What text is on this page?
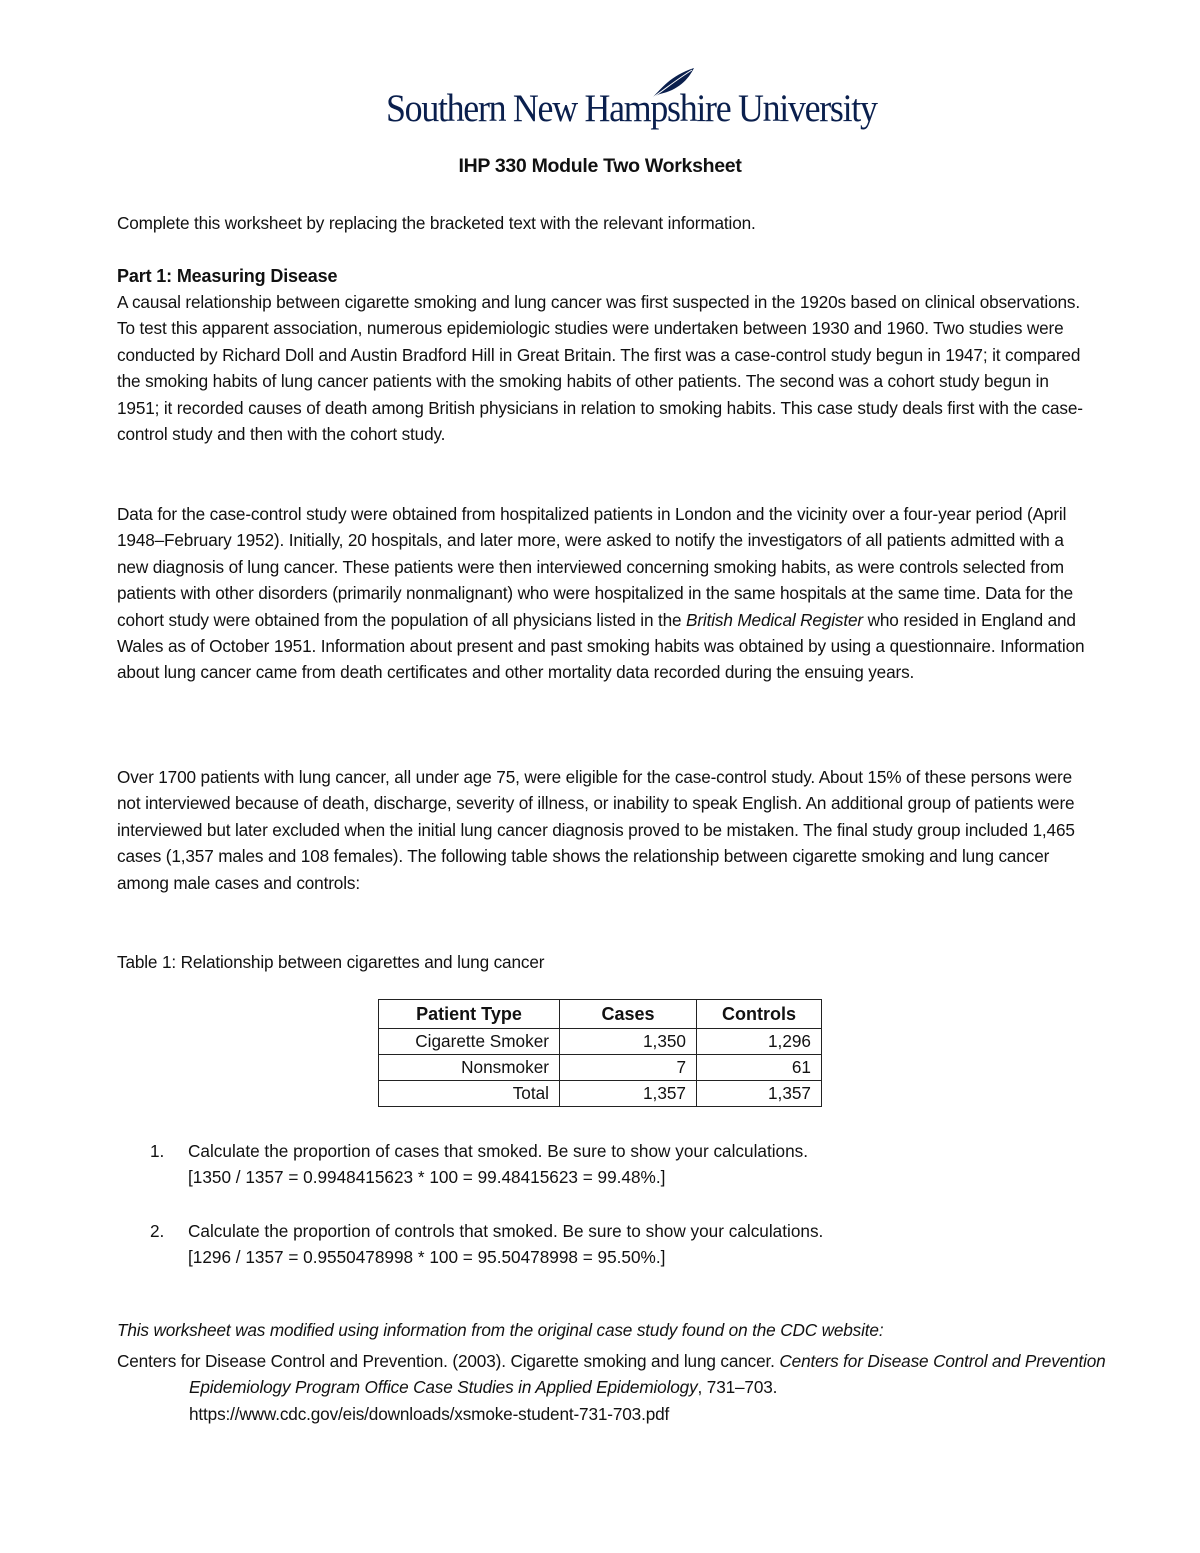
Southern New Hampshire University
IHP 330 Module Two Worksheet
Complete this worksheet by replacing the bracketed text with the relevant information.
Part 1: Measuring Disease
A causal relationship between cigarette smoking and lung cancer was first suspected in the 1920s based on clinical observations. To test this apparent association, numerous epidemiologic studies were undertaken between 1930 and 1960. Two studies were conducted by Richard Doll and Austin Bradford Hill in Great Britain. The first was a case-control study begun in 1947; it compared the smoking habits of lung cancer patients with the smoking habits of other patients. The second was a cohort study begun in 1951; it recorded causes of death among British physicians in relation to smoking habits. This case study deals first with the case-control study and then with the cohort study.
Data for the case-control study were obtained from hospitalized patients in London and the vicinity over a four-year period (April 1948–February 1952). Initially, 20 hospitals, and later more, were asked to notify the investigators of all patients admitted with a new diagnosis of lung cancer. These patients were then interviewed concerning smoking habits, as were controls selected from patients with other disorders (primarily nonmalignant) who were hospitalized in the same hospitals at the same time. Data for the cohort study were obtained from the population of all physicians listed in the British Medical Register who resided in England and Wales as of October 1951. Information about present and past smoking habits was obtained by using a questionnaire. Information about lung cancer came from death certificates and other mortality data recorded during the ensuing years.
Over 1700 patients with lung cancer, all under age 75, were eligible for the case-control study. About 15% of these persons were not interviewed because of death, discharge, severity of illness, or inability to speak English. An additional group of patients were interviewed but later excluded when the initial lung cancer diagnosis proved to be mistaken. The final study group included 1,465 cases (1,357 males and 108 females). The following table shows the relationship between cigarette smoking and lung cancer among male cases and controls:
Table 1: Relationship between cigarettes and lung cancer
Patient Type	Cases	Controls
Cigarette Smoker	1,350	1,296
Nonsmoker	7	61
Total	1,357	1,357
1. Calculate the proportion of cases that smoked. Be sure to show your calculations.
[1350 / 1357 = 0.9948415623 * 100 = 99.48415623 = 99.48%.]
2. Calculate the proportion of controls that smoked. Be sure to show your calculations.
[1296 / 1357 = 0.9550478998 * 100 = 95.50478998 = 95.50%.]
This worksheet was modified using information from the original case study found on the CDC website:
Centers for Disease Control and Prevention. (2003). Cigarette smoking and lung cancer. Centers for Disease Control and Prevention Epidemiology Program Office Case Studies in Applied Epidemiology, 731–703.
https://www.cdc.gov/eis/downloads/xsmoke-student-731-703.pdf
